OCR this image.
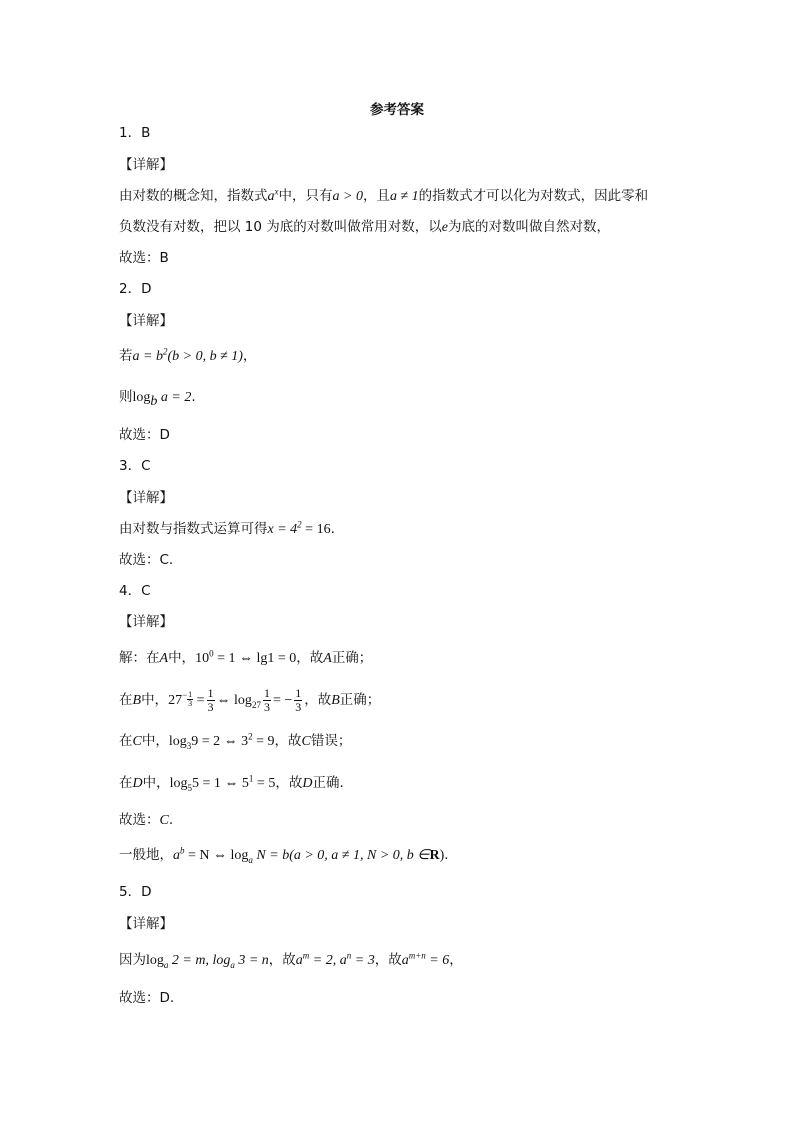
参考答案
1．B
【详解】
由对数的概念知，指数式$a^x$中，只有a > 0，且a ≠ 1的指数式才可以化为对数式，因此零和
负数没有对数，把以 10 为底的对数叫做常用对数，以e为底的对数叫做自然对数，
故选：B
2．D
【详解】
若$a = b^2(b > 0$, b ≠ 1)，
则$\log_b a = 2$.
故选：D
3．C
【详解】
由对数与指数式运算可得$x = 4^2 = 16$.
故选：C.
4．C
【详解】
解：在A中，$10^0 = 1$ ⇔ lg1 = 0，故A正确；
在B中，$27 - \frac{1}{3} = \frac{1}{3}$ ⇔ $\log_{27} \frac{1}{3}$ = − $\frac{1}{3}$ ，故B正确；
在C中，$\log_39 = 2$ ⇔ $3^2 = 9$，故C错误；
在D中，$\log_55 = 1$ ⇔ $5^1 = 5$，故D正确.
故选：C.
一般地，$a^b = N$ ⇔ $\log_a N = b(a > 0$, a ≠ 1, N > 0, b ∈R).
5．D
【详解】
因为$\log_a 2 = m$, $\log_a 3 = n$，故$a^m = 2$, $a^n = 3$，故$a^{m+n} = 6$，
故选：D.
